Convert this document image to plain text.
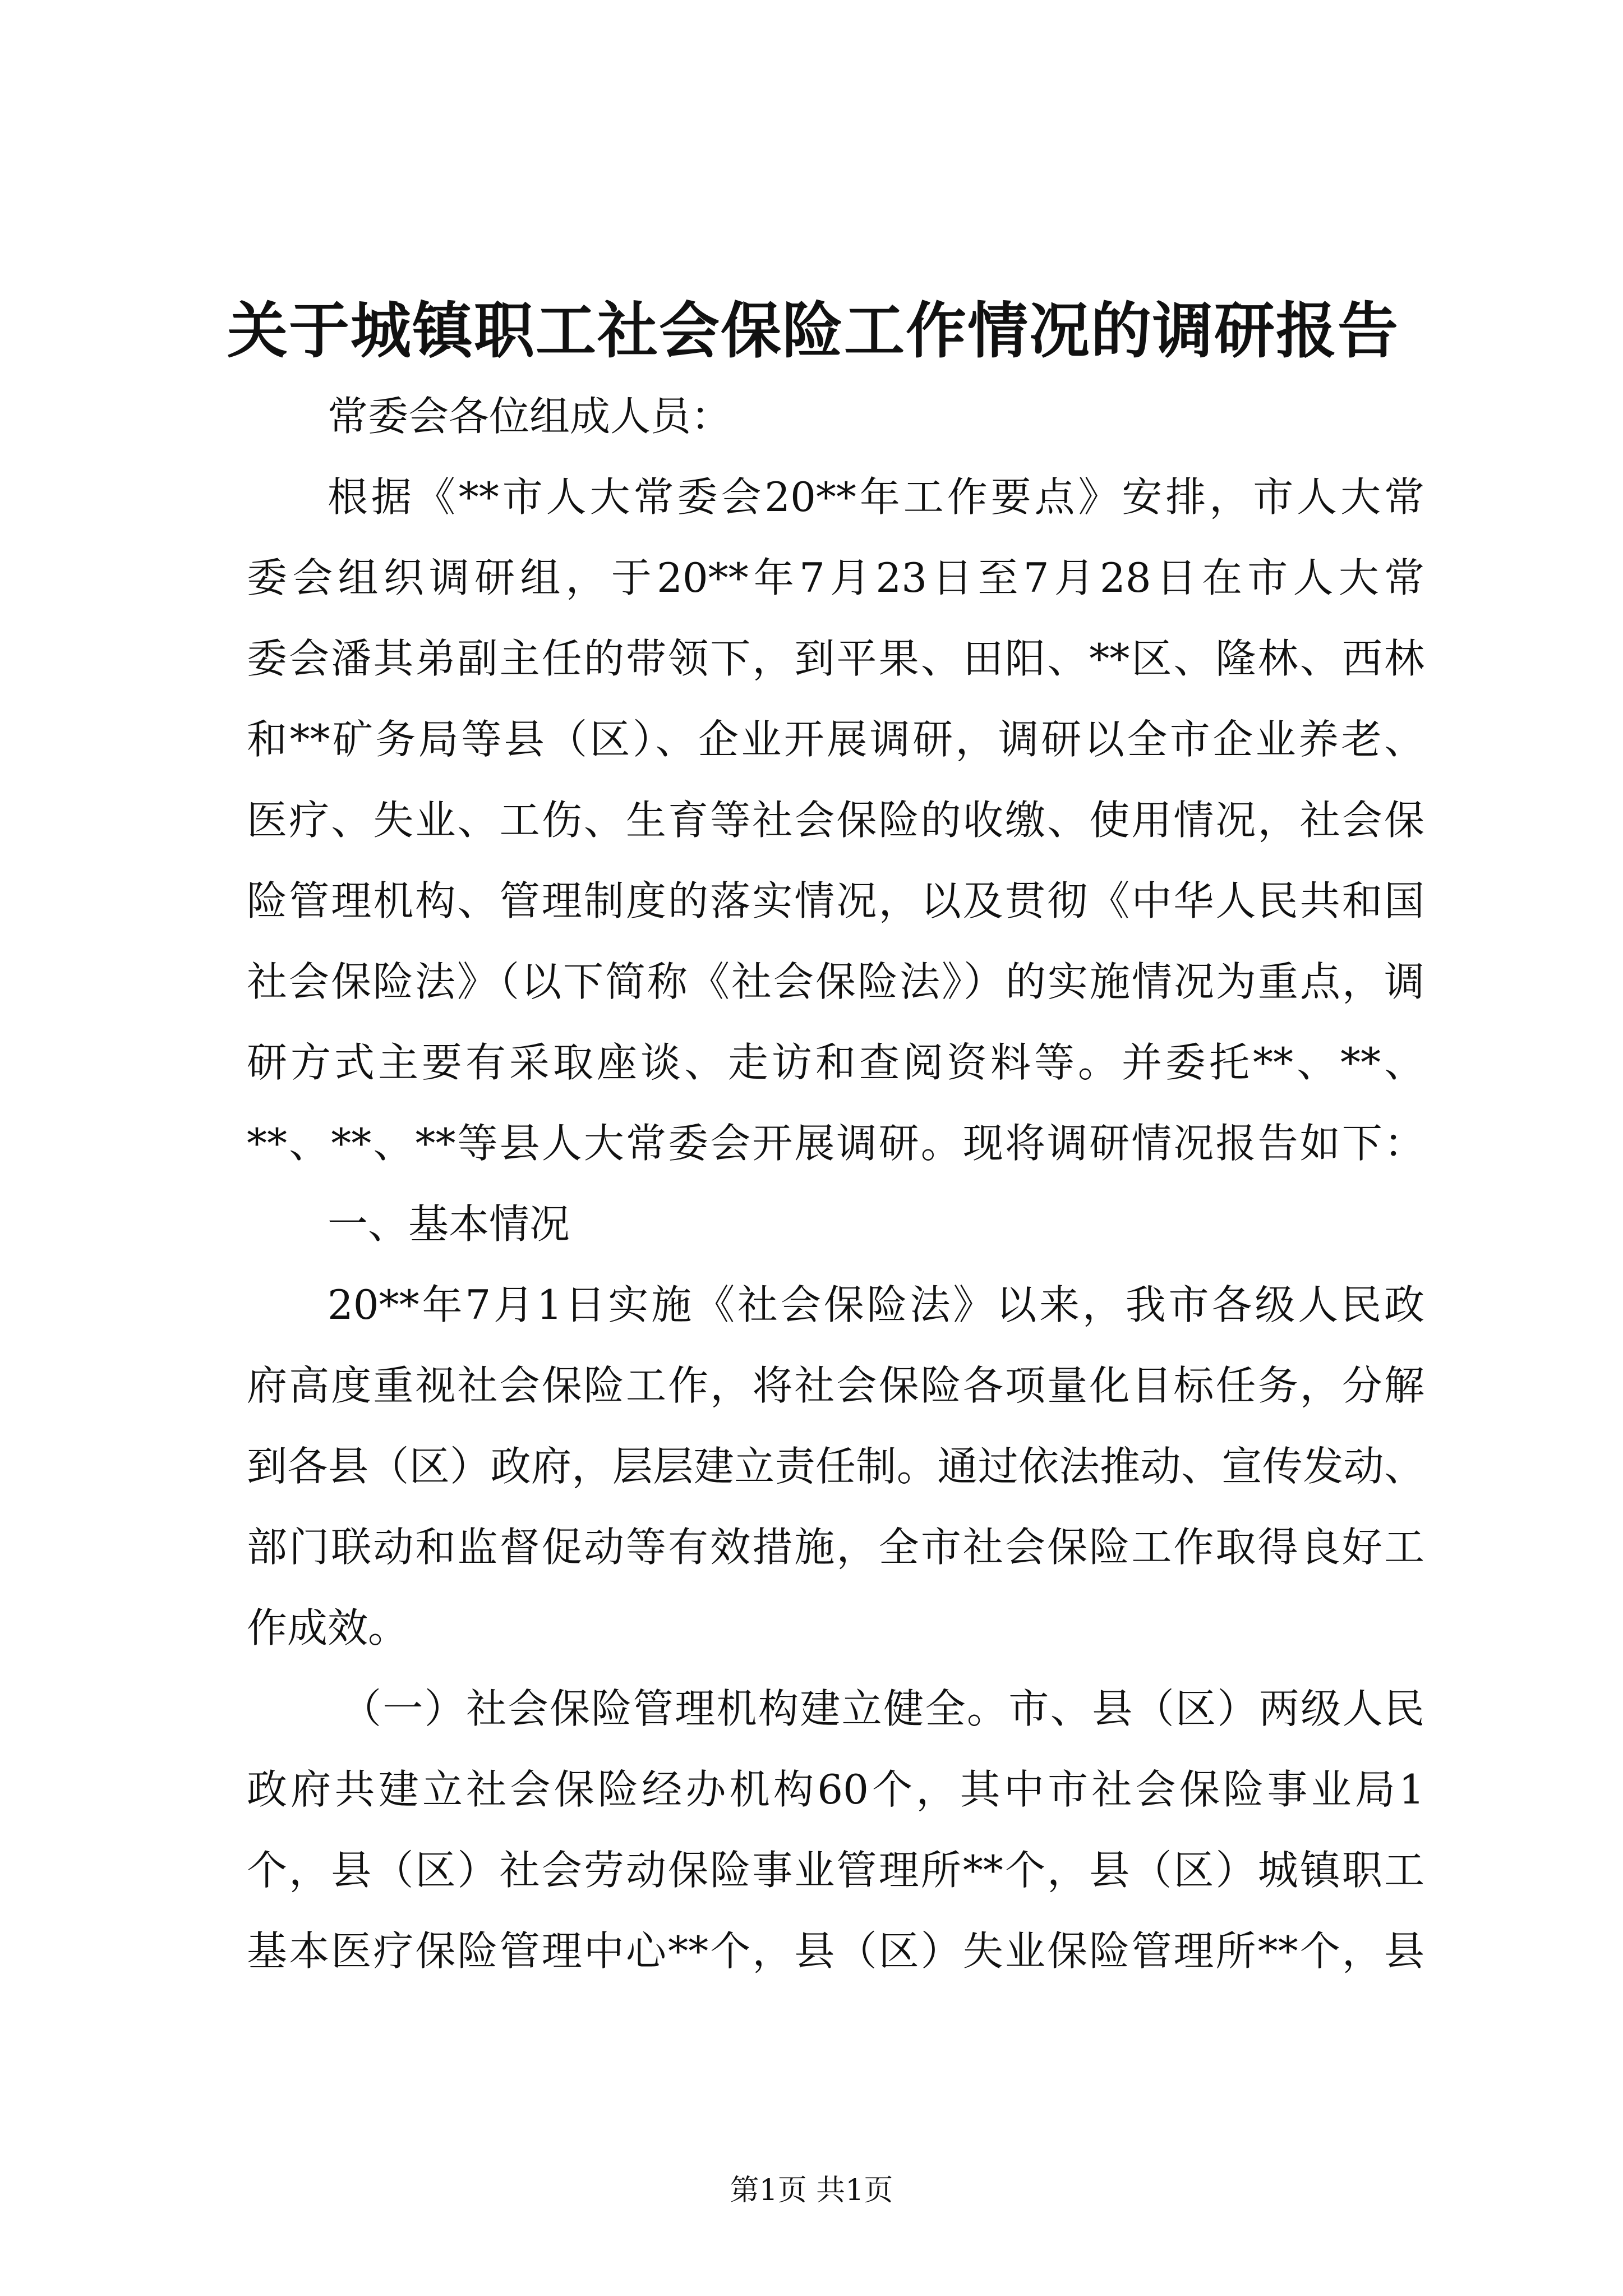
关于城镇职工社会保险工作情况的调研报告
常委会各位组成人员：
根据《**市人大常委会20**年工作要点》安排，市人大常
委会组织调研组，于20**年7月23日至7月28日在市人大常
委会潘其弟副主任的带领下，到平果、田阳、**区、隆林、西林
和**矿务局等县（区）、企业开展调研，调研以全市企业养老、
医疗、失业、工伤、生育等社会保险的收缴、使用情况，社会保
险管理机构、管理制度的落实情况，以及贯彻《中华人民共和国
社会保险法》（以下简称《社会保险法》）的实施情况为重点，调
研方式主要有采取座谈、走访和查阅资料等。并委托**、**、
**、**、**等县人大常委会开展调研。现将调研情况报告如下：
一、基本情况
20**年7月1日实施《社会保险法》以来，我市各级人民政
府高度重视社会保险工作，将社会保险各项量化目标任务，分解
到各县（区）政府，层层建立责任制。通过依法推动、宣传发动、
部门联动和监督促动等有效措施，全市社会保险工作取得良好工
作成效。
（一）社会保险管理机构建立健全。市、县（区）两级人民
政府共建立社会保险经办机构60个，其中市社会保险事业局1
个，县（区）社会劳动保险事业管理所**个，县（区）城镇职工
基本医疗保险管理中心**个，县（区）失业保险管理所**个，县
第1页 共1页
